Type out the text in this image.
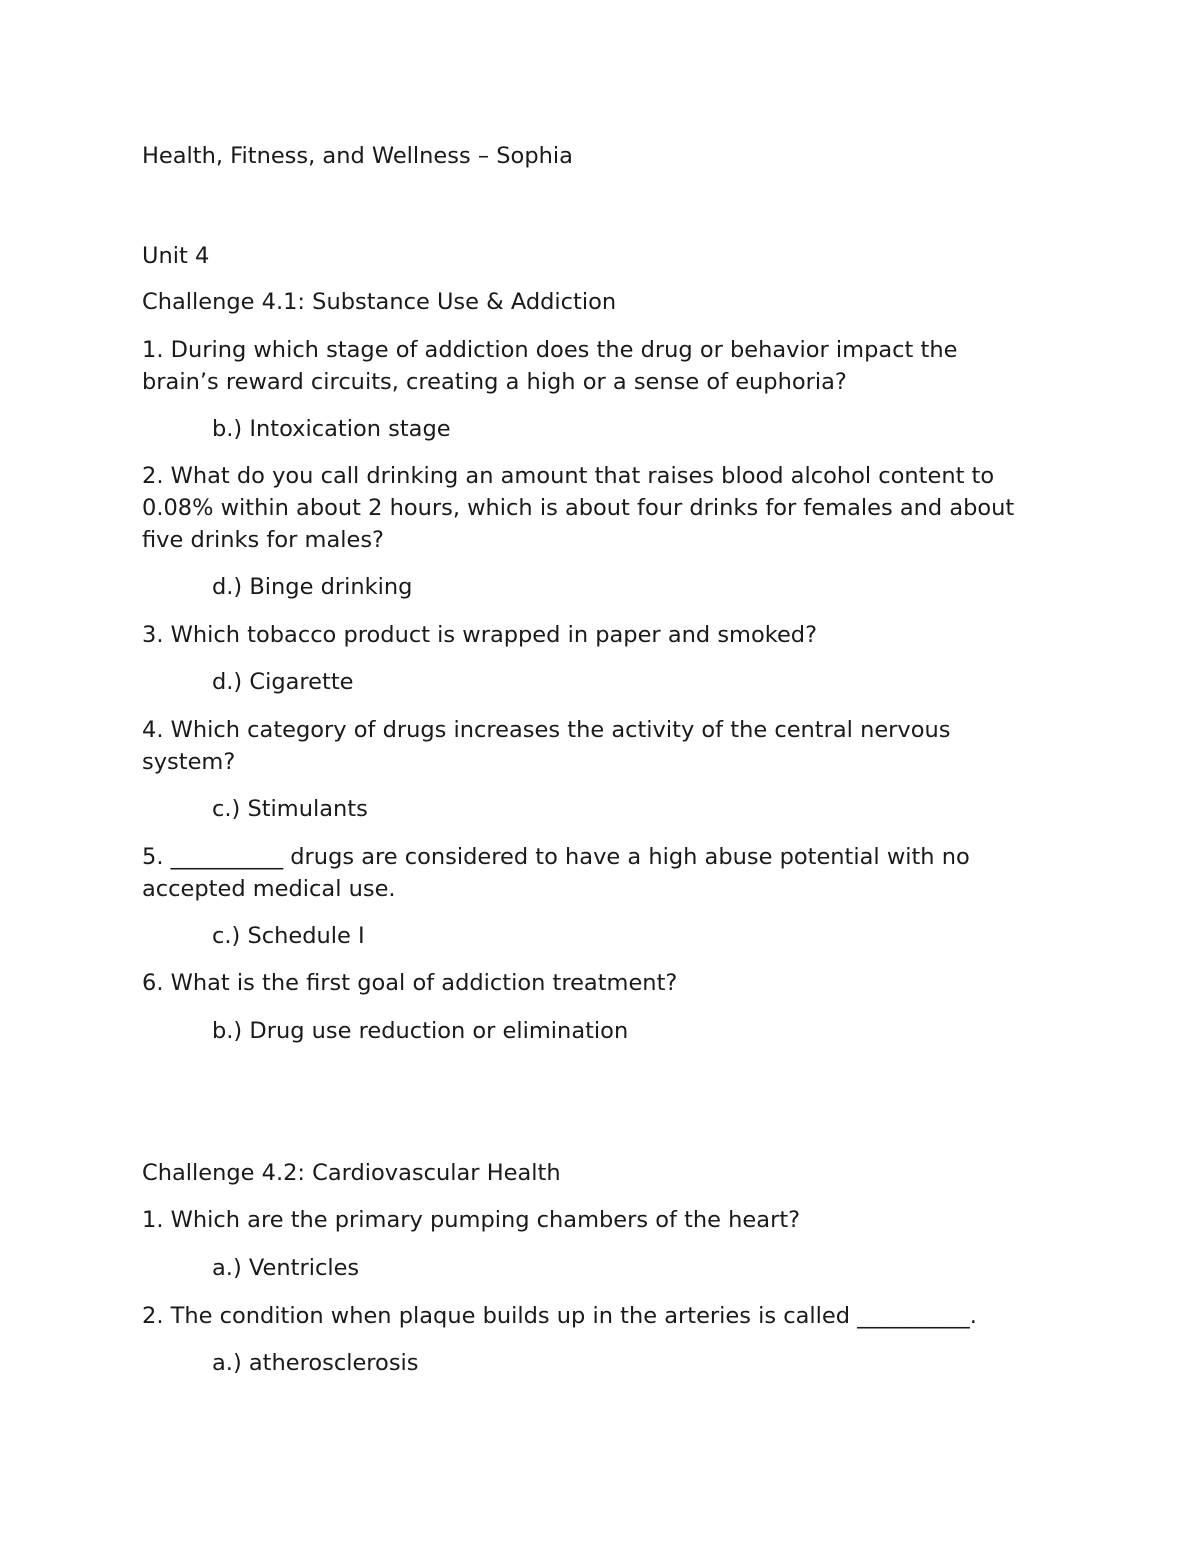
Health, Fitness, and Wellness – Sophia

Unit 4

Challenge 4.1: Substance Use & Addiction

1. During which stage of addiction does the drug or behavior impact the

brain’s reward circuits, creating a high or a sense of euphoria?

b.) Intoxication stage

2. What do you call drinking an amount that raises blood alcohol content to

0.08% within about 2 hours, which is about four drinks for females and about

five drinks for males?

d.) Binge drinking

3. Which tobacco product is wrapped in paper and smoked?

d.) Cigarette

4. Which category of drugs increases the activity of the central nervous

system?

c.) Stimulants

5. __________ drugs are considered to have a high abuse potential with no

accepted medical use.

c.) Schedule I

6. What is the first goal of addiction treatment?

b.) Drug use reduction or elimination

Challenge 4.2: Cardiovascular Health

1. Which are the primary pumping chambers of the heart?

a.) Ventricles

2. The condition when plaque builds up in the arteries is called __________.

a.) atherosclerosis
